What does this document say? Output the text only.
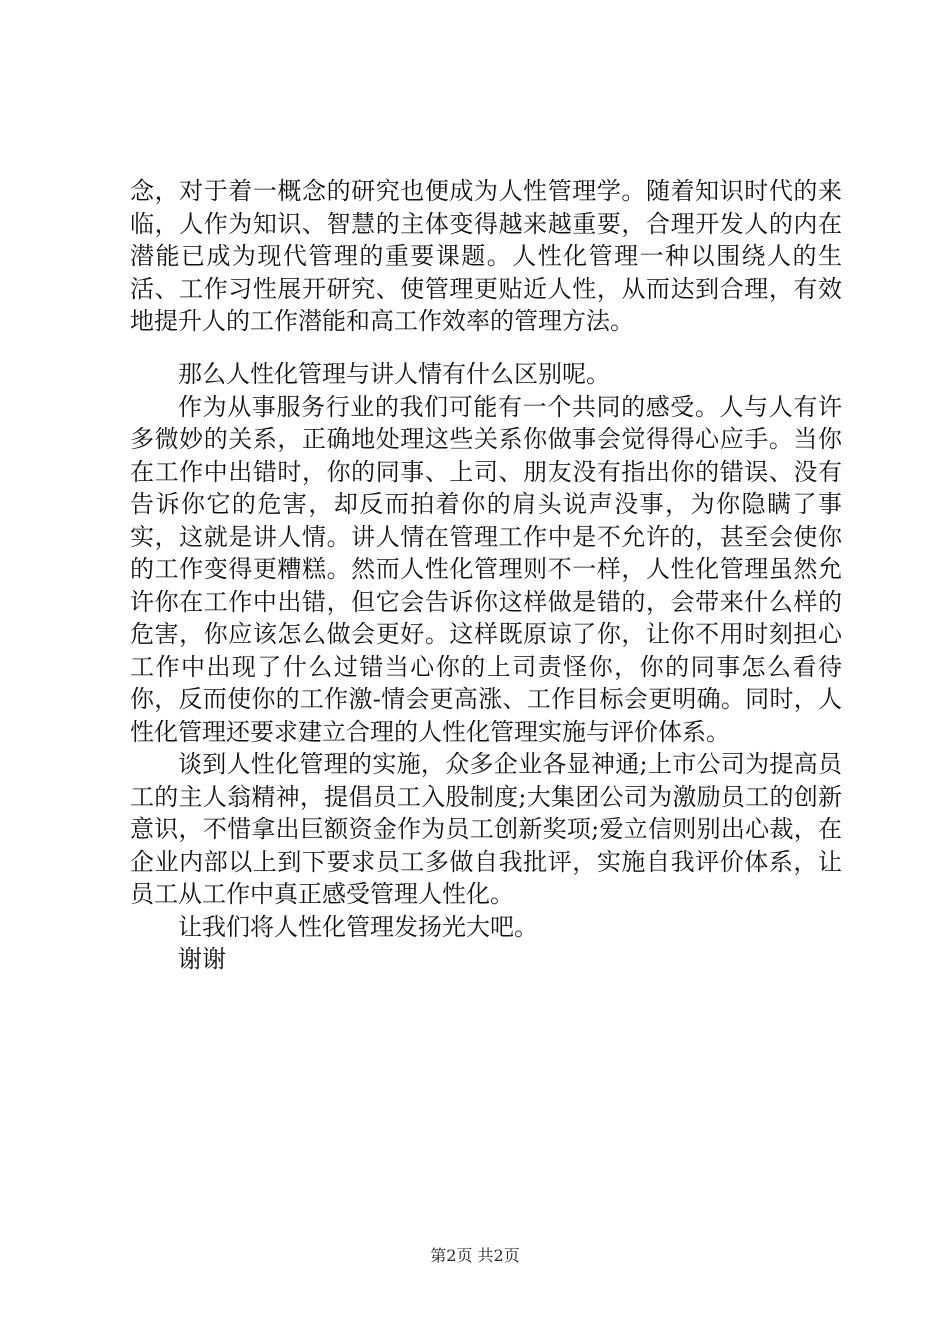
念，对于着一概念的研究也便成为人性管理学。随着知识时代的来临，人作为知识、智慧的主体变得越来越重要，合理开发人的内在潜能已成为现代管理的重要课题。人性化管理一种以围绕人的生活、工作习性展开研究、使管理更贴近人性，从而达到合理，有效地提升人的工作潜能和高工作效率的管理方法。

那么人性化管理与讲人情有什么区别呢。

作为从事服务行业的我们可能有一个共同的感受。人与人有许多微妙的关系，正确地处理这些关系你做事会觉得得心应手。当你在工作中出错时，你的同事、上司、朋友没有指出你的错误、没有告诉你它的危害，却反而拍着你的肩头说声没事，为你隐瞒了事实，这就是讲人情。讲人情在管理工作中是不允许的，甚至会使你的工作变得更糟糕。然而人性化管理则不一样，人性化管理虽然允许你在工作中出错，但它会告诉你这样做是错的，会带来什么样的危害，你应该怎么做会更好。这样既原谅了你，让你不用时刻担心工作中出现了什么过错当心你的上司责怪你，你的同事怎么看待你，反而使你的工作激-情会更高涨、工作目标会更明确。同时，人性化管理还要求建立合理的人性化管理实施与评价体系。

谈到人性化管理的实施，众多企业各显神通;上市公司为提高员工的主人翁精神，提倡员工入股制度;大集团公司为激励员工的创新意识，不惜拿出巨额资金作为员工创新奖项;爱立信则别出心裁，在企业内部以上到下要求员工多做自我批评，实施自我评价体系，让员工从工作中真正感受管理人性化。

让我们将人性化管理发扬光大吧。

谢谢

第2页 共2页
